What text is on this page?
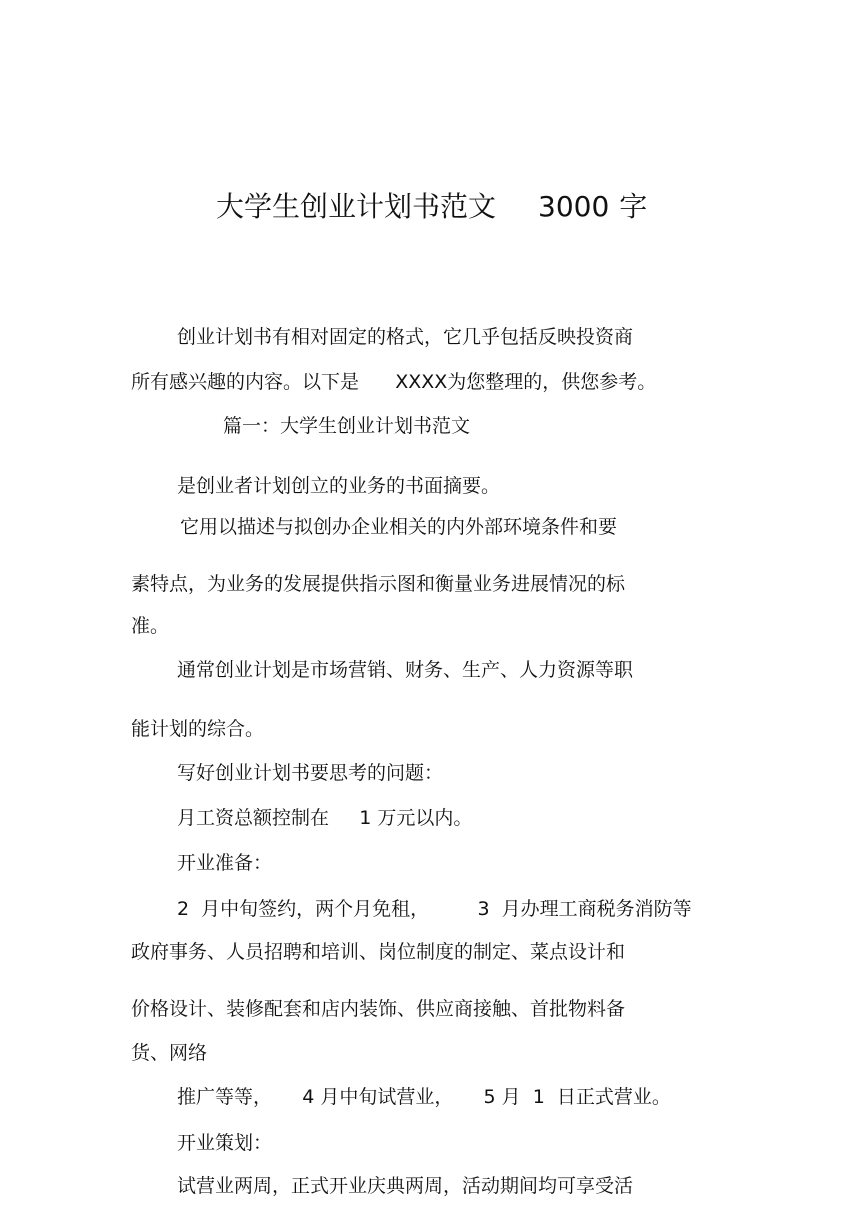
大学生创业计划书范文 3000 字
创业计划书有相对固定的格式，它几乎包括反映投资商
所有感兴趣的内容。以下是      XXXX为您整理的，供您参考。
篇一：大学生创业计划书范文
是创业者计划创立的业务的书面摘要。
它用以描述与拟创办企业相关的内外部环境条件和要
素特点，为业务的发展提供指示图和衡量业务进展情况的标
准。
通常创业计划是市场营销、财务、生产、人力资源等职
能计划的综合。
写好创业计划书要思考的问题：
月工资总额控制在     1 万元以内。
开业准备：
2  月中旬签约，两个月免租，        3  月办理工商税务消防等
政府事务、人员招聘和培训、岗位制度的制定、菜点设计和
价格设计、装修配套和店内装饰、供应商接触、首批物料备
货、网络
推广等等，     4 月中旬试营业，     5 月  1  日正式营业。
开业策划：
试营业两周，正式开业庆典两周，活动期间均可享受活
